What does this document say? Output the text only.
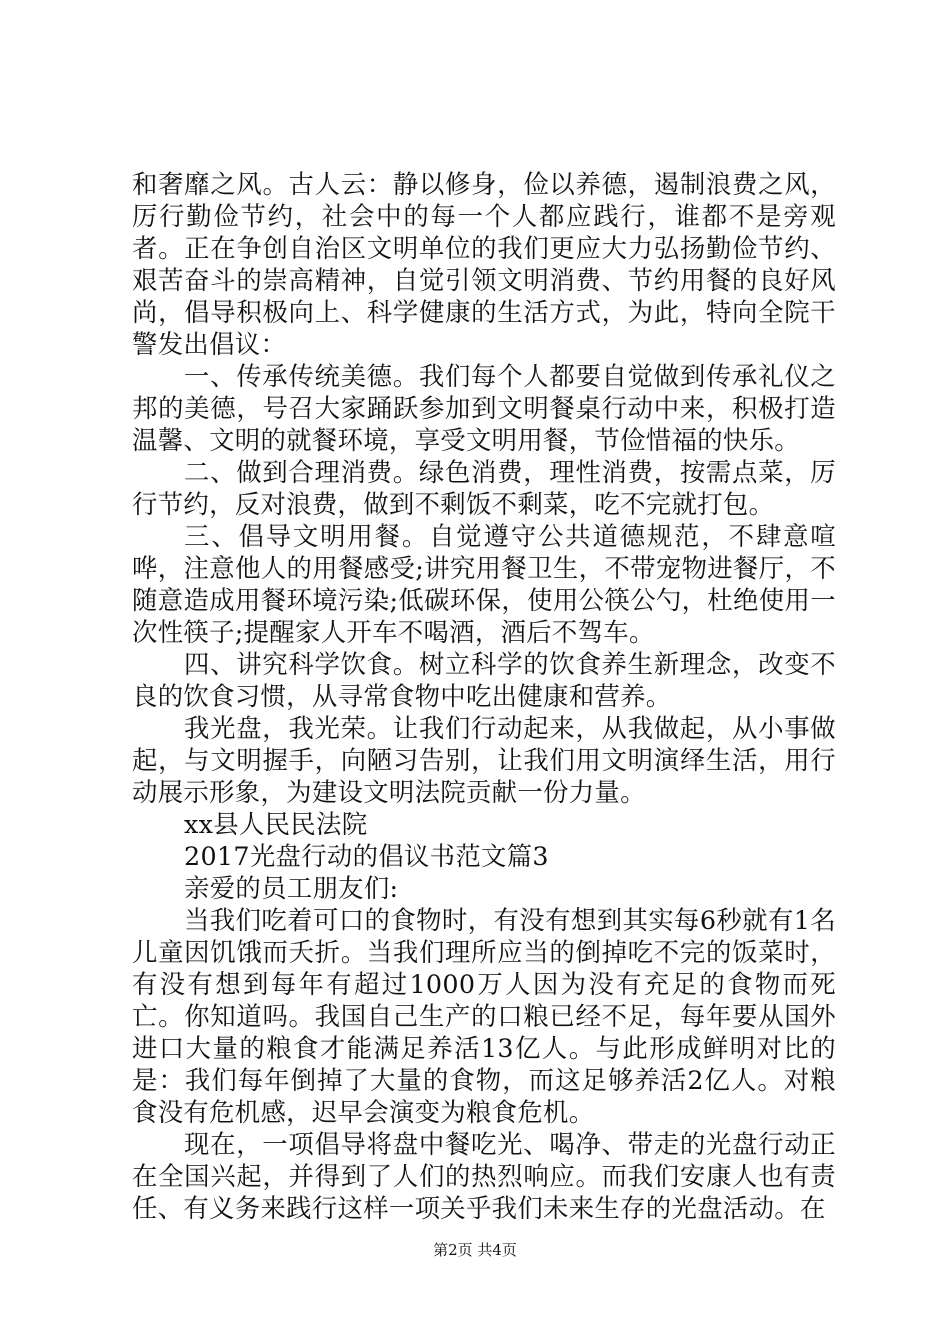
和奢靡之风。古人云：静以修身，俭以养德，遏制浪费之风，厉行勤俭节约，社会中的每一个人都应践行，谁都不是旁观者。正在争创自治区文明单位的我们更应大力弘扬勤俭节约、艰苦奋斗的崇高精神，自觉引领文明消费、节约用餐的良好风尚，倡导积极向上、科学健康的生活方式，为此，特向全院干警发出倡议：

一、传承传统美德。我们每个人都要自觉做到传承礼仪之邦的美德，号召大家踊跃参加到文明餐桌行动中来，积极打造温馨、文明的就餐环境，享受文明用餐，节俭惜福的快乐。

二、做到合理消费。绿色消费，理性消费，按需点菜，厉行节约，反对浪费，做到不剩饭不剩菜，吃不完就打包。

三、倡导文明用餐。自觉遵守公共道德规范，不肆意喧哗，注意他人的用餐感受;讲究用餐卫生，不带宠物进餐厅，不随意造成用餐环境污染;低碳环保，使用公筷公勺，杜绝使用一次性筷子;提醒家人开车不喝酒，酒后不驾车。

四、讲究科学饮食。树立科学的饮食养生新理念，改变不良的饮食习惯，从寻常食物中吃出健康和营养。

我光盘，我光荣。让我们行动起来，从我做起，从小事做起，与文明握手，向陋习告别，让我们用文明演绎生活，用行动展示形象，为建设文明法院贡献一份力量。

xx县人民民法院

2017光盘行动的倡议书范文篇3

亲爱的员工朋友们:

当我们吃着可口的食物时，有没有想到其实每6秒就有1名儿童因饥饿而夭折。当我们理所应当的倒掉吃不完的饭菜时，有没有想到每年有超过1000万人因为没有充足的食物而死亡。你知道吗。我国自己生产的口粮已经不足，每年要从国外进口大量的粮食才能满足养活13亿人。与此形成鲜明对比的是：我们每年倒掉了大量的食物，而这足够养活2亿人。对粮食没有危机感，迟早会演变为粮食危机。

现在，一项倡导将盘中餐吃光、喝净、带走的光盘行动正在全国兴起，并得到了人们的热烈响应。而我们安康人也有责任、有义务来践行这样一项关乎我们未来生存的光盘活动。在

第2页 共4页
